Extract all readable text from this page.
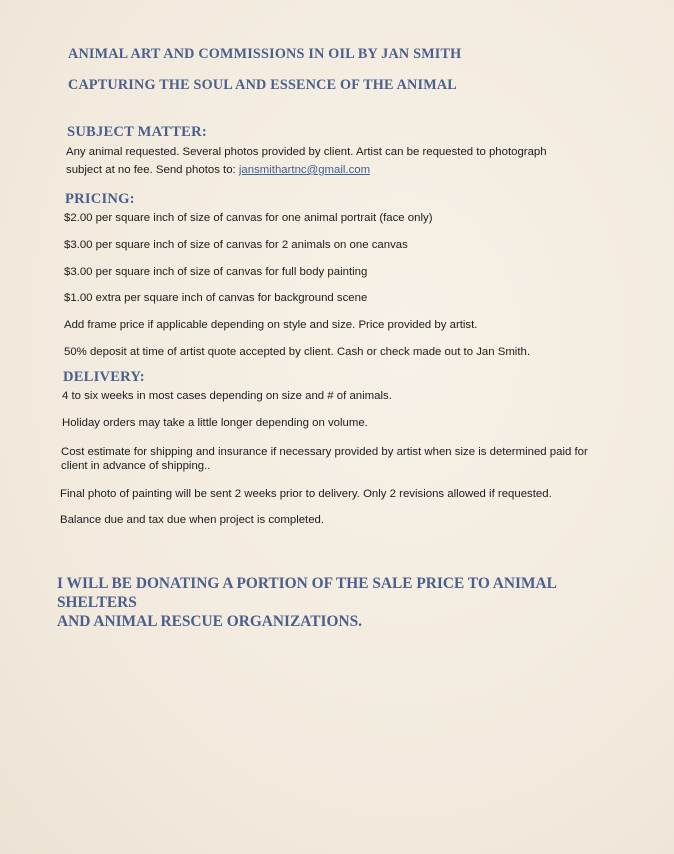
ANIMAL ART AND COMMISSIONS IN OIL BY JAN SMITH
CAPTURING THE SOUL AND ESSENCE OF THE ANIMAL
SUBJECT MATTER:
Any animal requested. Several photos provided by client. Artist can be requested to photograph
subject at no fee. Send photos to: jansmithartnc@gmail.com
PRICING:
$2.00 per square inch of size of canvas for one animal portrait (face only)
$3.00 per square inch of size of canvas for 2 animals on one canvas
$3.00 per square inch of size of canvas for full body painting
$1.00 extra per square inch of canvas for background scene
Add frame price if applicable depending on style and size. Price provided by artist.
50% deposit at time of artist quote accepted by client. Cash or check made out to Jan Smith.
DELIVERY:
4 to six weeks in most cases depending on size and # of animals.
Holiday orders may take a little longer depending on volume.
Cost estimate for shipping and insurance if necessary provided by artist when size is determined paid for
client in advance of shipping..
Final photo of painting will be sent 2 weeks prior to delivery. Only 2 revisions allowed if requested.
Balance due and tax due when project is completed.
I WILL BE DONATING A PORTION OF THE SALE PRICE TO ANIMAL SHELTERS
AND ANIMAL RESCUE ORGANIZATIONS.
